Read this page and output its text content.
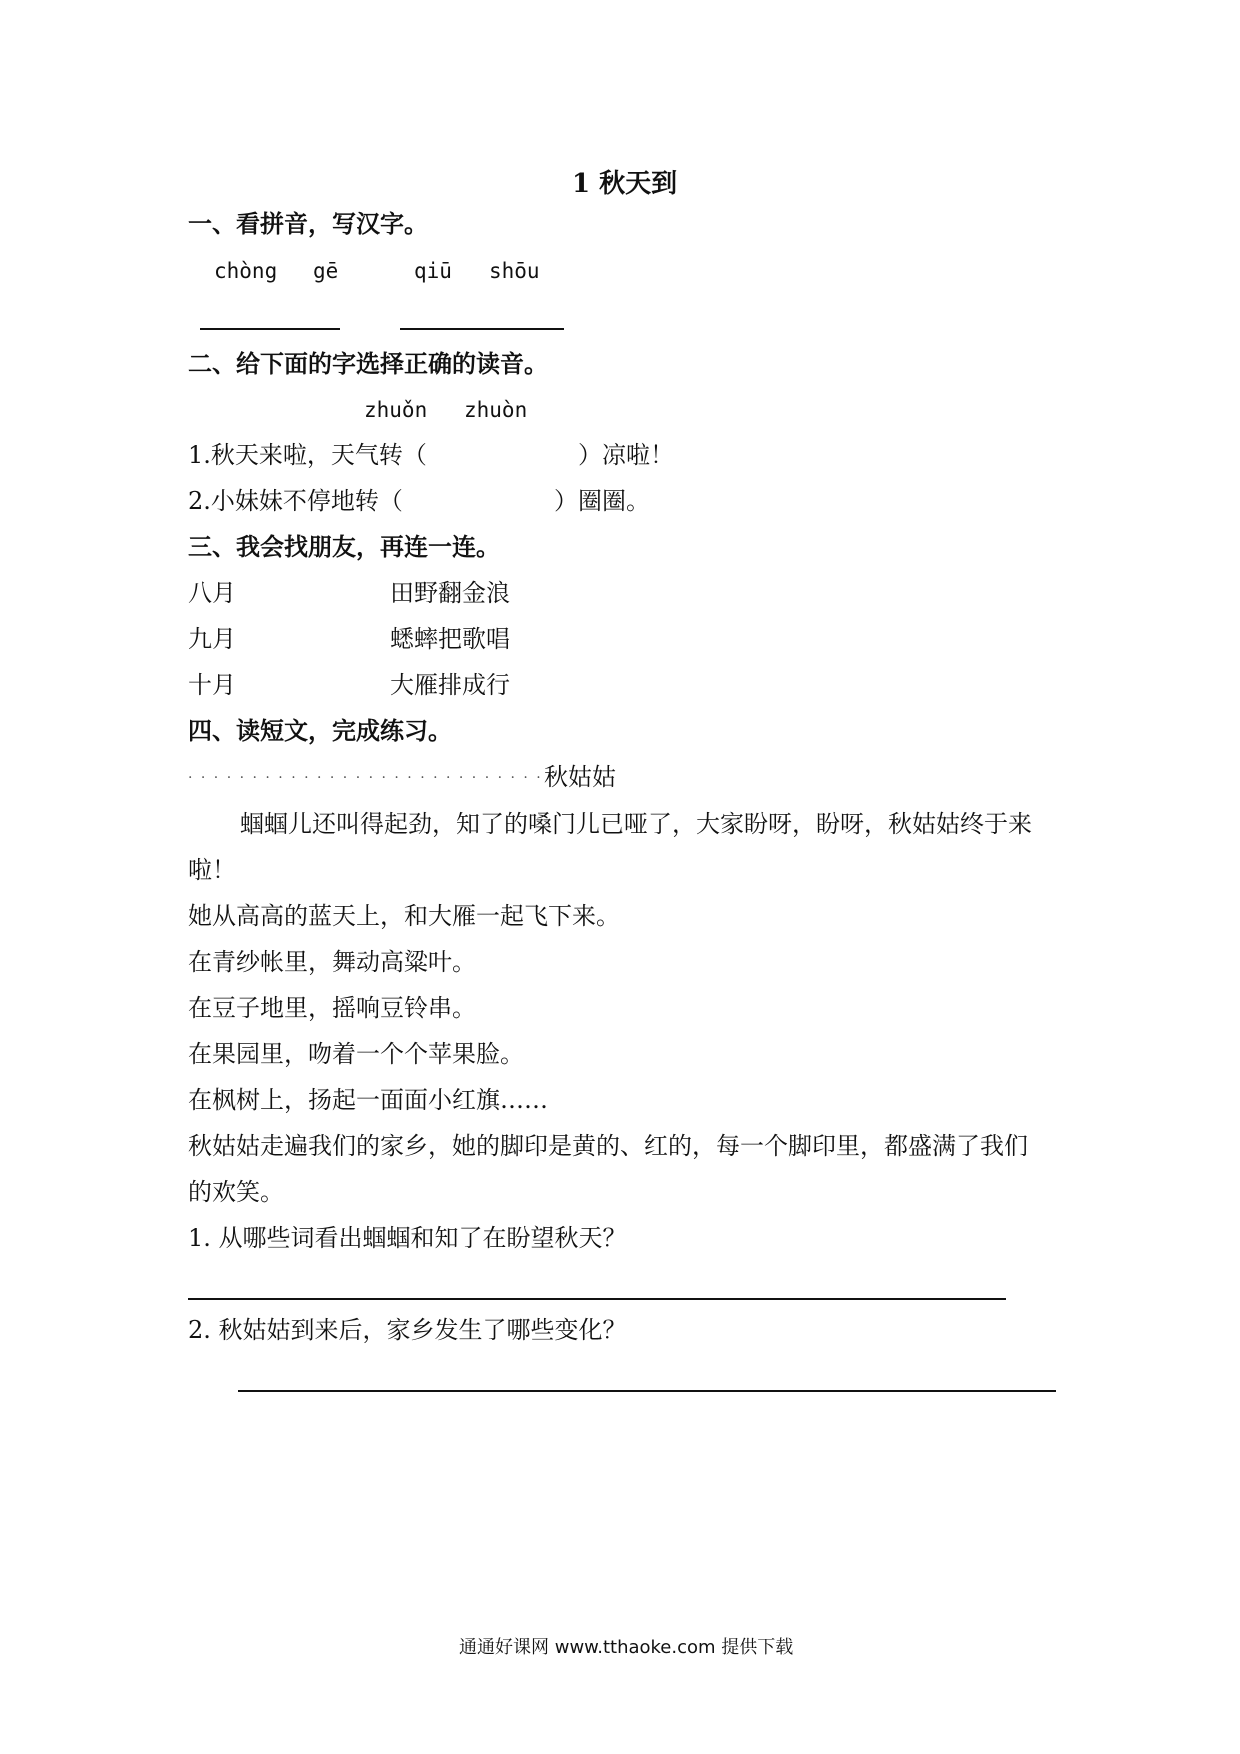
1 秋天到
一、看拼音，写汉字。
chòng gē	qiū shōu
二、给下面的字选择正确的读音。
zhuǒn zhuòn
1.秋天来啦，天气转（	）凉啦！
2.小妹妹不停地转（	）圈圈。
三、我会找朋友，再连一连。
八月	田野翻金浪
九月	蟋蟀把歌唱
十月	大雁排成行
四、读短文，完成练习。
· · · · · · · · · · · · · · · · · · · · · · · · · · · · 秋姑姑
蝈蝈儿还叫得起劲，知了的嗓门儿已哑了，大家盼呀，盼呀，秋姑姑终于来
啦！
她从高高的蓝天上，和大雁一起飞下来。
在青纱帐里，舞动高粱叶。
在豆子地里，摇响豆铃串。
在果园里，吻着一个个苹果脸。
在枫树上，扬起一面面小红旗……
秋姑姑走遍我们的家乡，她的脚印是黄的、红的，每一个脚印里，都盛满了我们
的欢笑。
1. 从哪些词看出蝈蝈和知了在盼望秋天？
2. 秋姑姑到来后，家乡发生了哪些变化？
通通好课网 www.tthaoke.com 提供下载
